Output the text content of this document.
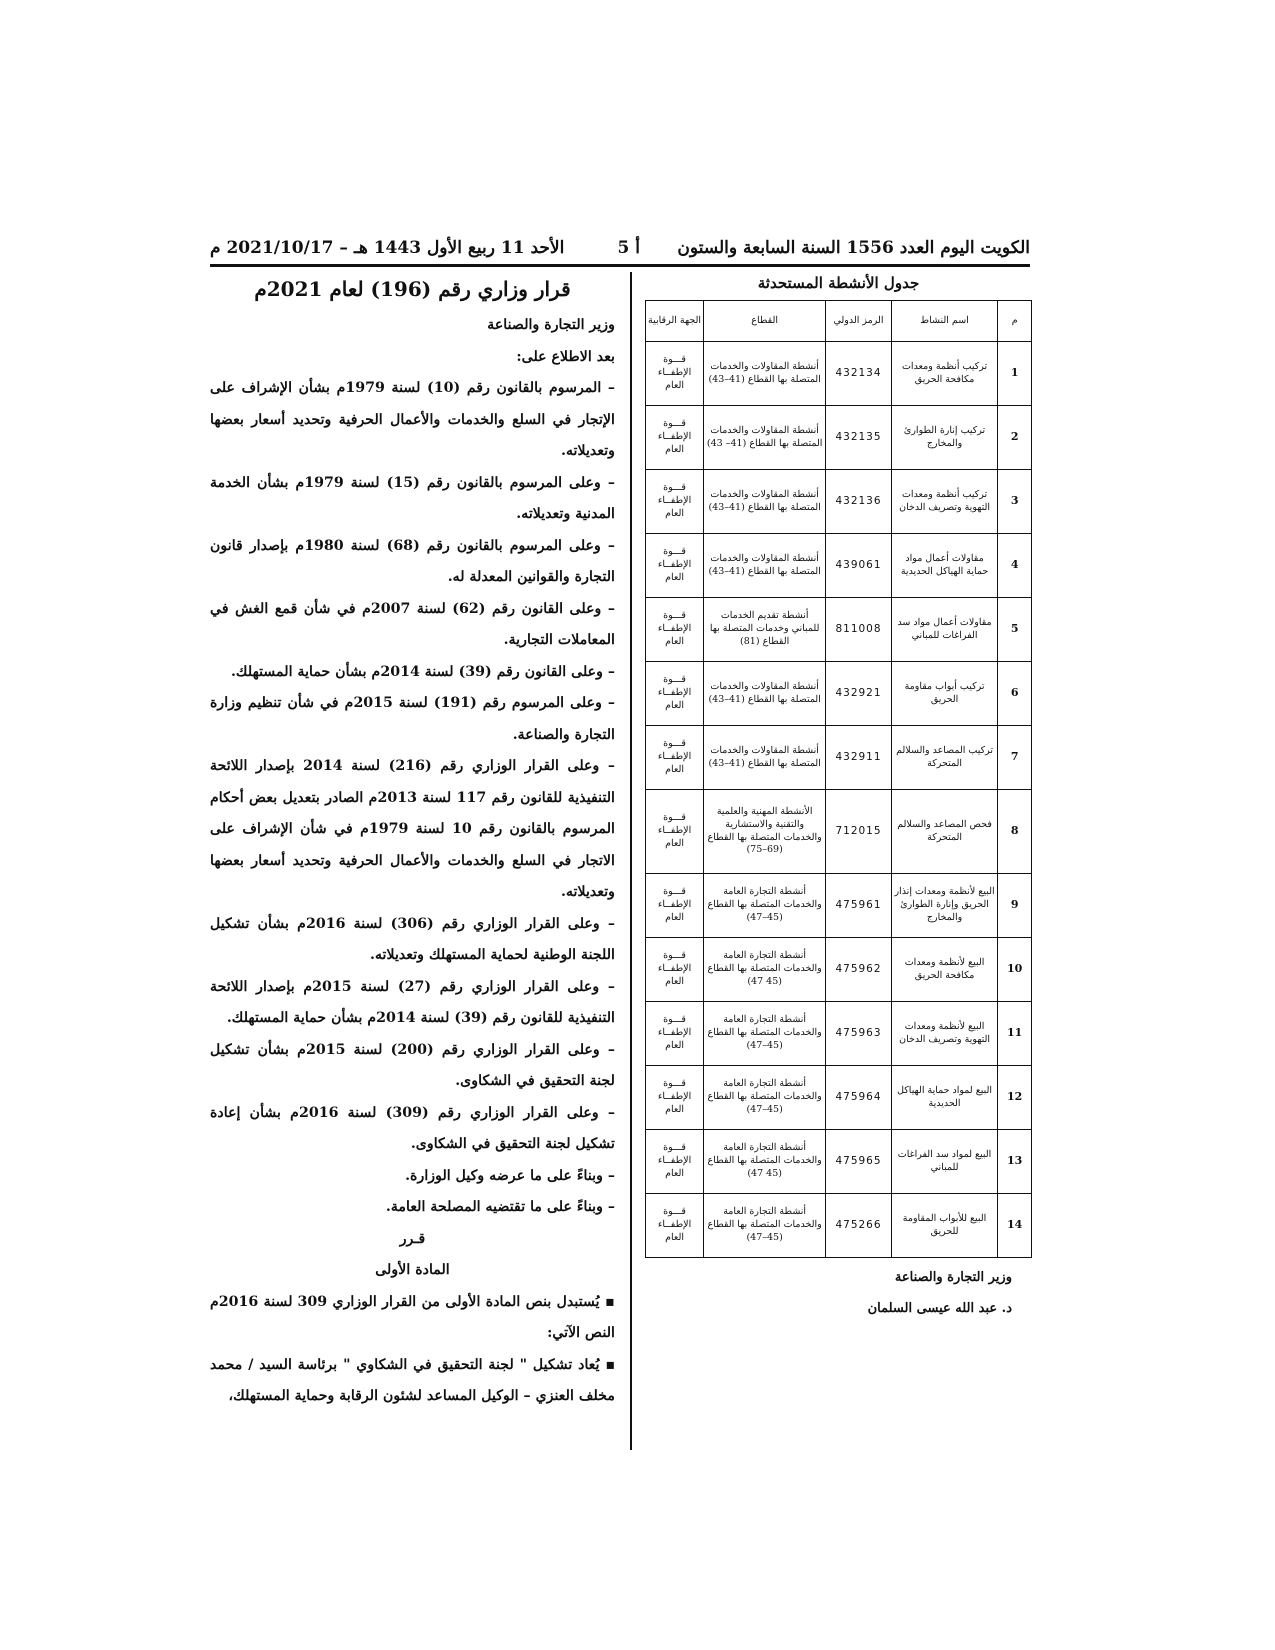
الكويت اليوم العدد 1556 السنة السابعة والستون
أ 5
الأحد 11 ربيع الأول 1443 هـ – 2021/10/17 م
جدول الأنشطة المستحدثة
م	اسم النشاط	الرمز الدولي	القطاع	الجهة الرقابية
1	تركيب أنظمة ومعدات مكافحة الحريق	432134	أنشطة المقاولات والخدمات المتصلة بها القطاع (41–43)	قـــوة الإطفــاء العام
2	تركيب إنارة الطوارئ والمخارج	432135	أنشطة المقاولات والخدمات المتصلة بها القطاع (41– 43)	قـــوة الإطفــاء العام
3	تركيب أنظمة ومعدات التهوية وتصريف الدخان	432136	أنشطة المقاولات والخدمات المتصلة بها القطاع (41–43)	قـــوة الإطفــاء العام
4	مقاولات أعمال مواد حماية الهياكل الحديدية	439061	أنشطة المقاولات والخدمات المتصلة بها القطاع (41–43)	قـــوة الإطفــاء العام
5	مقاولات أعمال مواد سد الفراغات للمباني	811008	أنشطة تقديم الخدمات للمباني وخدمات المتصلة بها القطاع (81)	قـــوة الإطفــاء العام
6	تركيب أبواب مقاومة الحريق	432921	أنشطة المقاولات والخدمات المتصلة بها القطاع (41–43)	قـــوة الإطفــاء العام
7	تركيب المصاعد والسلالم المتحركة	432911	أنشطة المقاولات والخدمات المتصلة بها القطاع (41–43)	قـــوة الإطفــاء العام
8	فحص المصاعد والسلالم المتحركة	712015	الأنشطة المهنية والعلمية والتقنية والاستشارية والخدمات المتصلة بها القطاع (69–75)	قـــوة الإطفــاء العام
9	البيع لأنظمة ومعدات إنذار الحريق وإنارة الطوارئ والمخارج	475961	أنشطة التجارة العامة والخدمات المتصلة بها القطاع (45–47)	قـــوة الإطفــاء العام
10	البيع لأنظمة ومعدات مكافحة الحريق	475962	أنشطة التجارة العامة والخدمات المتصلة بها القطاع (45 47)	قـــوة الإطفــاء العام
11	البيع لأنظمة ومعدات التهوية وتصريف الدخان	475963	أنشطة التجارة العامة والخدمات المتصلة بها القطاع (45–47)	قـــوة الإطفــاء العام
12	البيع لمواد حماية الهياكل الحديدية	475964	أنشطة التجارة العامة والخدمات المتصلة بها القطاع (45–47)	قـــوة الإطفــاء العام
13	البيع لمواد سد الفراغات للمباني	475965	أنشطة التجارة العامة والخدمات المتصلة بها القطاع (45 47)	قـــوة الإطفــاء العام
14	البيع للأبواب المقاومة للحريق	475266	أنشطة التجارة العامة والخدمات المتصلة بها القطاع (45–47)	قـــوة الإطفــاء العام
وزير التجارة والصناعة
د. عبد الله عيسى السلمان
قرار وزاري رقم (196) لعام 2021م

وزير التجارة والصناعة

بعد الاطلاع على:

– المرسوم بالقانون رقم (10) لسنة 1979م بشأن الإشراف على الإتجار في السلع والخدمات والأعمال الحرفية وتحديد أسعار بعضها وتعديلاته.

– وعلى المرسوم بالقانون رقم (15) لسنة 1979م بشأن الخدمة المدنية وتعديلاته.

– وعلى المرسوم بالقانون رقم (68) لسنة 1980م بإصدار قانون التجارة والقوانين المعدلة له.

– وعلى القانون رقم (62) لسنة 2007م في شأن قمع الغش في المعاملات التجارية.

– وعلى القانون رقم (39) لسنة 2014م بشأن حماية المستهلك.

– وعلى المرسوم رقم (191) لسنة 2015م في شأن تنظيم وزارة التجارة والصناعة.

– وعلى القرار الوزاري رقم (216) لسنة 2014 بإصدار اللائحة التنفيذية للقانون رقم 117 لسنة 2013م الصادر بتعديل بعض أحكام المرسوم بالقانون رقم 10 لسنة 1979م في شأن الإشراف على الاتجار في السلع والخدمات والأعمال الحرفية وتحديد أسعار بعضها وتعديلاته.

– وعلى القرار الوزاري رقم (306) لسنة 2016م بشأن تشكيل اللجنة الوطنية لحماية المستهلك وتعديلاته.

– وعلى القرار الوزاري رقم (27) لسنة 2015م بإصدار اللائحة التنفيذية للقانون رقم (39) لسنة 2014م بشأن حماية المستهلك.

– وعلى القرار الوزاري رقم (200) لسنة 2015م بشأن تشكيل لجنة التحقيق في الشكاوى.

– وعلى القرار الوزاري رقم (309) لسنة 2016م بشأن إعادة تشكيل لجنة التحقيق في الشكاوى.

– وبناءً على ما عرضه وكيل الوزارة.

– وبناءً على ما تقتضيه المصلحة العامة.

قـرر

المادة الأولى

▪ يُستبدل بنص المادة الأولى من القرار الوزاري 309 لسنة 2016م النص الآتي:

▪ يُعاد تشكيل " لجنة التحقيق في الشكاوي " برئاسة السيد / محمد مخلف العنزي – الوكيل المساعد لشئون الرقابة وحماية المستهلك،
